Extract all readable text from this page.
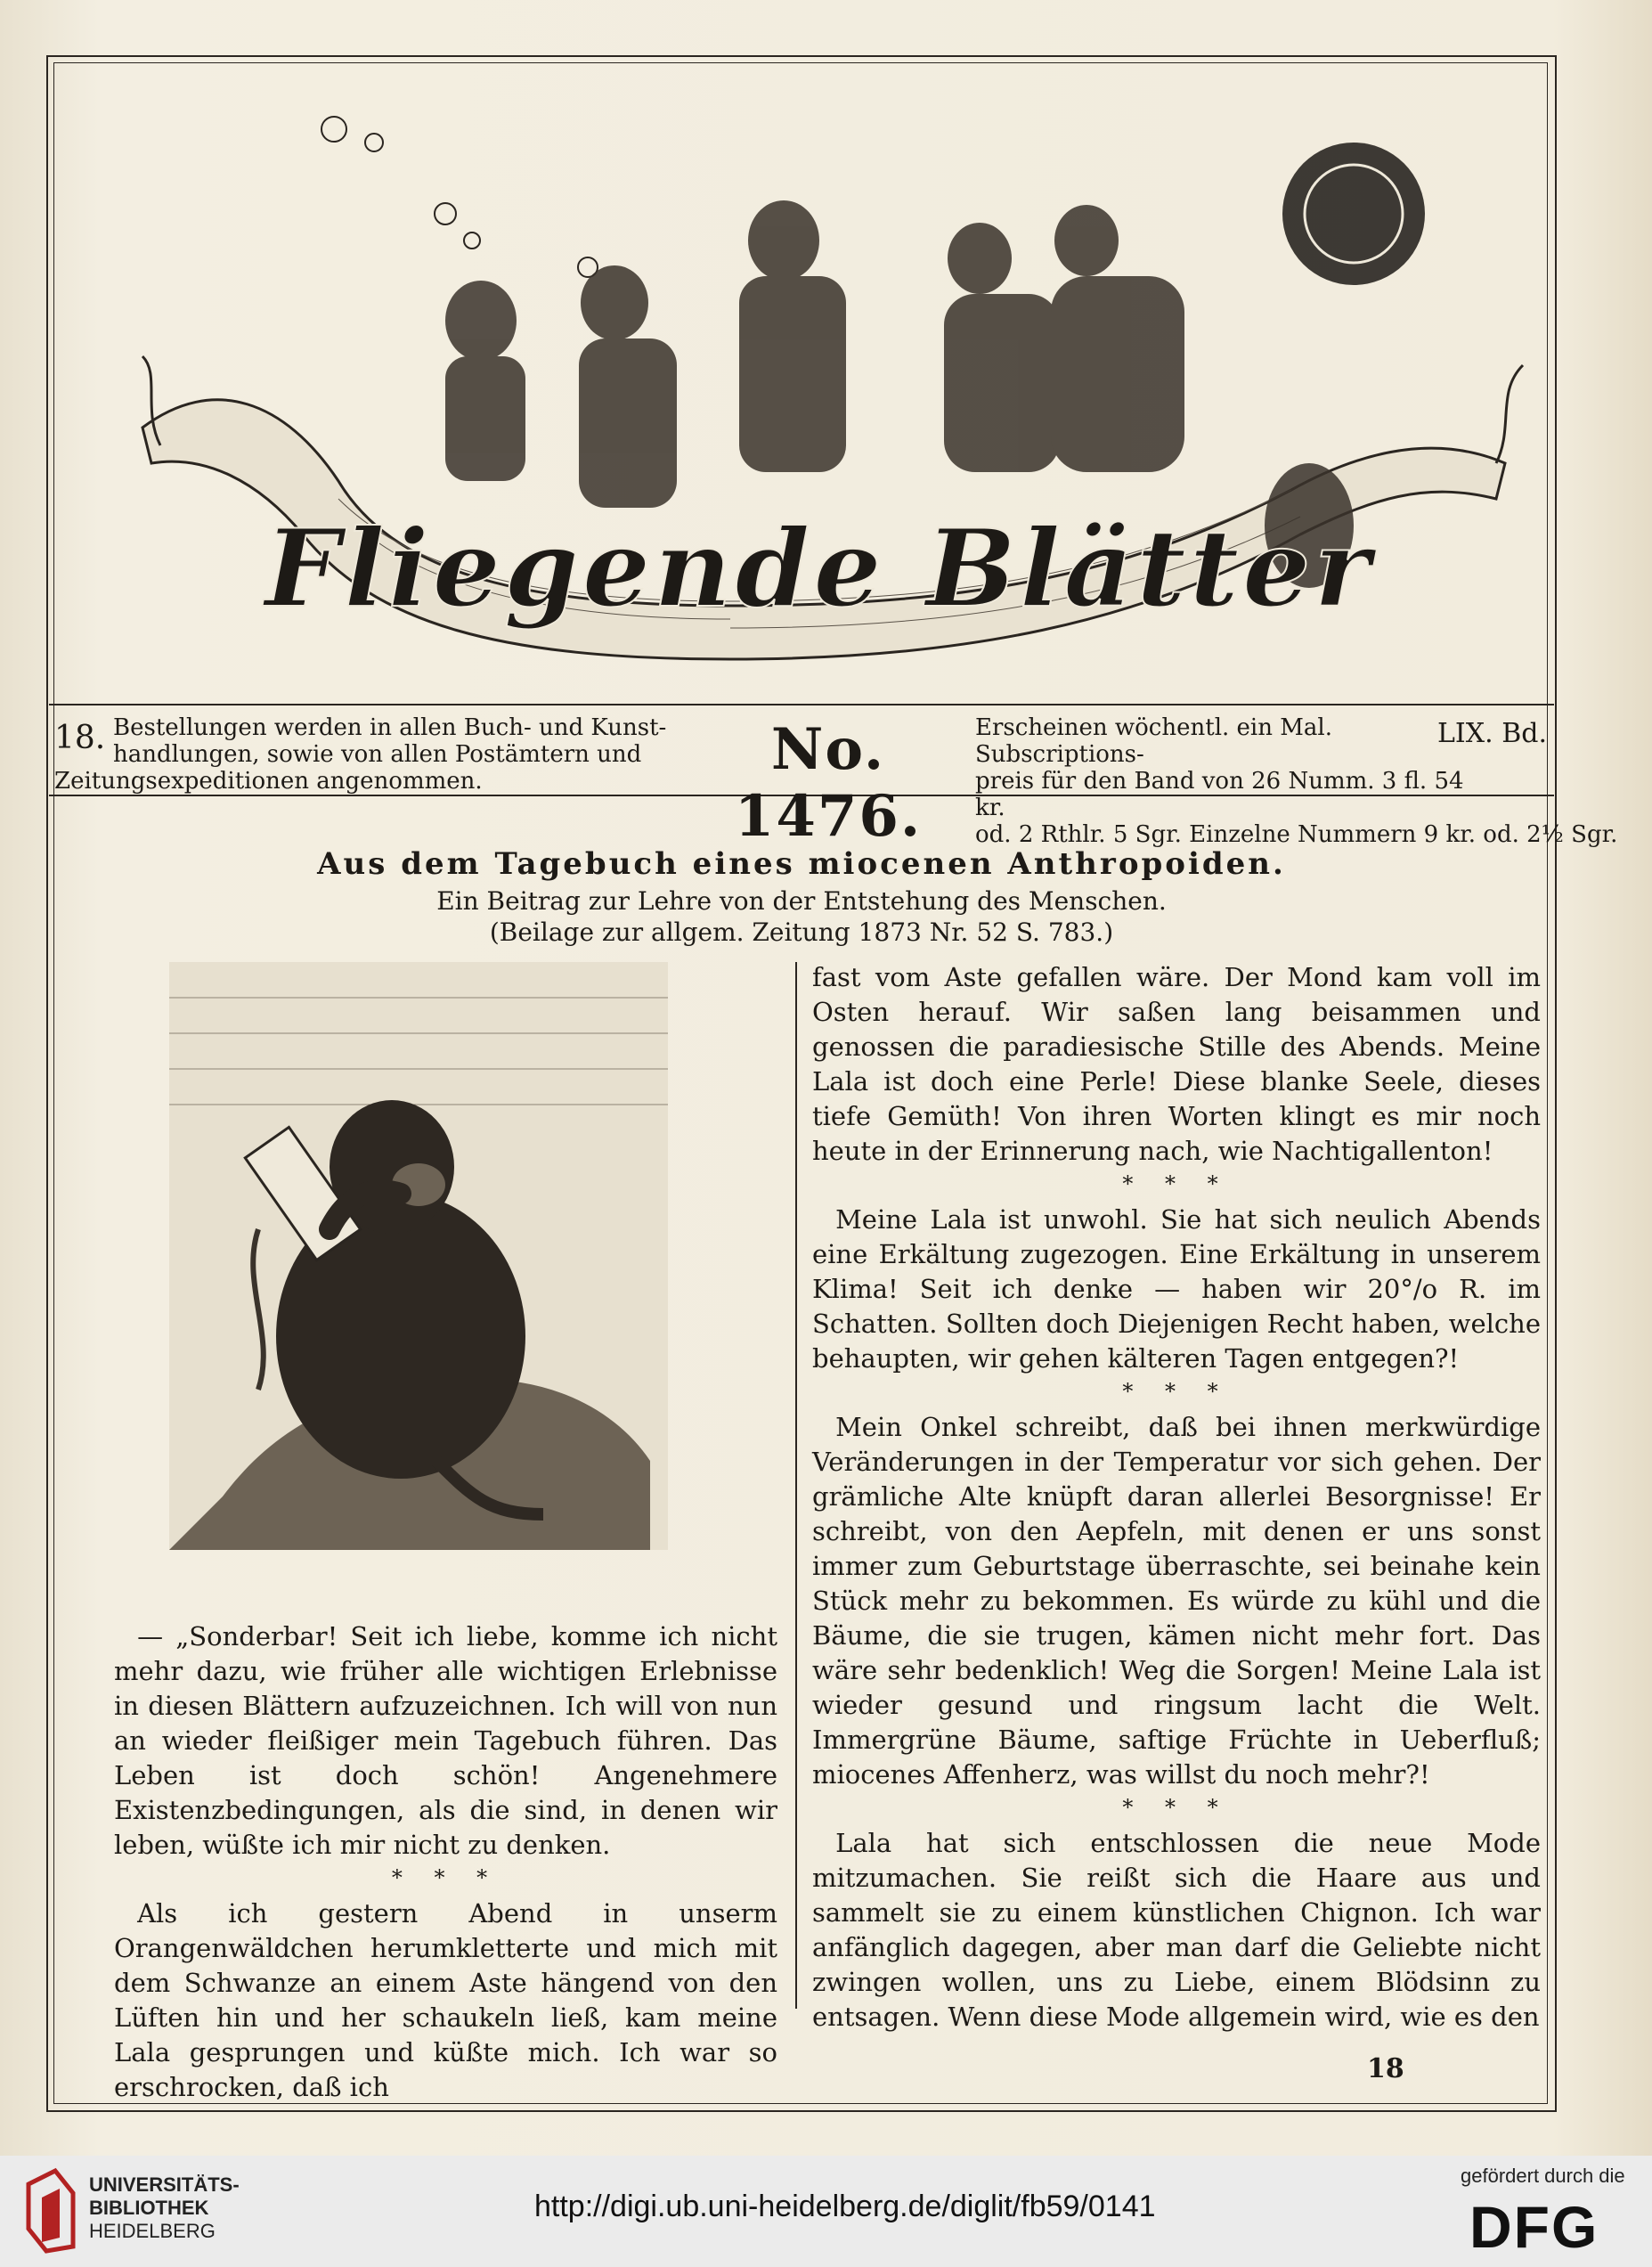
Fliegende Blätter
18. Bestellungen werden in allen Buch- und Kunst-
handlungen, sowie von allen Postämtern und
Zeitungsexpeditionen angenommen.	No. 1476.
Erscheinen wöchentl. ein Mal. Subscriptions-
preis für den Band von 26 Numm. 3 fl. 54 kr.
od. 2 Rthlr. 5 Sgr. Einzelne Nummern 9 kr. od. 2½ Sgr.
LIX. Bd.
Aus dem Tagebuch eines miocenen Anthropoiden.
Ein Beitrag zur Lehre von der Entstehung des Menschen.
(Beilage zur allgem. Zeitung 1873 Nr. 52 S. 783.)

— „Sonderbar! Seit ich liebe, komme ich nicht mehr dazu, wie früher alle wichtigen Erlebnisse in diesen Blättern aufzuzeichnen. Ich will von nun an wieder fleißiger mein Tagebuch führen. Das Leben ist doch schön! Angenehmere Existenzbedingungen, als die sind, in denen wir leben, wüßte ich mir nicht zu denken.

* * *

Als ich gestern Abend in unserm Orangenwäldchen herumkletterte und mich mit dem Schwanze an einem Aste hängend von den Lüften hin und her schaukeln ließ, kam meine Lala gesprungen und küßte mich. Ich war so erschrocken, daß ich

fast vom Aste gefallen wäre. Der Mond kam voll im Osten herauf. Wir saßen lang beisammen und genossen die paradiesische Stille des Abends. Meine Lala ist doch eine Perle! Diese blanke Seele, dieses tiefe Gemüth! Von ihren Worten klingt es mir noch heute in der Erinnerung nach, wie Nachtigallenton!

* * *

Meine Lala ist unwohl. Sie hat sich neulich Abends eine Erkältung zugezogen. Eine Erkältung in unserem Klima! Seit ich denke — haben wir 20°/o R. im Schatten. Sollten doch Diejenigen Recht haben, welche behaupten, wir gehen kälteren Tagen entgegen?!

* * *

Mein Onkel schreibt, daß bei ihnen merkwürdige Veränderungen in der Temperatur vor sich gehen. Der grämliche Alte knüpft daran allerlei Besorgnisse! Er schreibt, von den Aepfeln, mit denen er uns sonst immer zum Geburtstage überraschte, sei beinahe kein Stück mehr zu bekommen. Es würde zu kühl und die Bäume, die sie trugen, kämen nicht mehr fort. Das wäre sehr bedenklich! Weg die Sorgen! Meine Lala ist wieder gesund und ringsum lacht die Welt. Immergrüne Bäume, saftige Früchte in Ueberfluß; miocenes Affenherz, was willst du noch mehr?!

* * *

Lala hat sich entschlossen die neue Mode mitzumachen. Sie reißt sich die Haare aus und sammelt sie zu einem künstlichen Chignon. Ich war anfänglich dagegen, aber man darf die Geliebte nicht zwingen wollen, uns zu Liebe, einem Blödsinn zu entsagen. Wenn diese Mode allgemein wird, wie es den

18
UNIVERSITÄTS-
BIBLIOTHEK
HEIDELBERG
http://digi.ub.uni-heidelberg.de/diglit/fb59/0141
gefördert durch die
DFG
